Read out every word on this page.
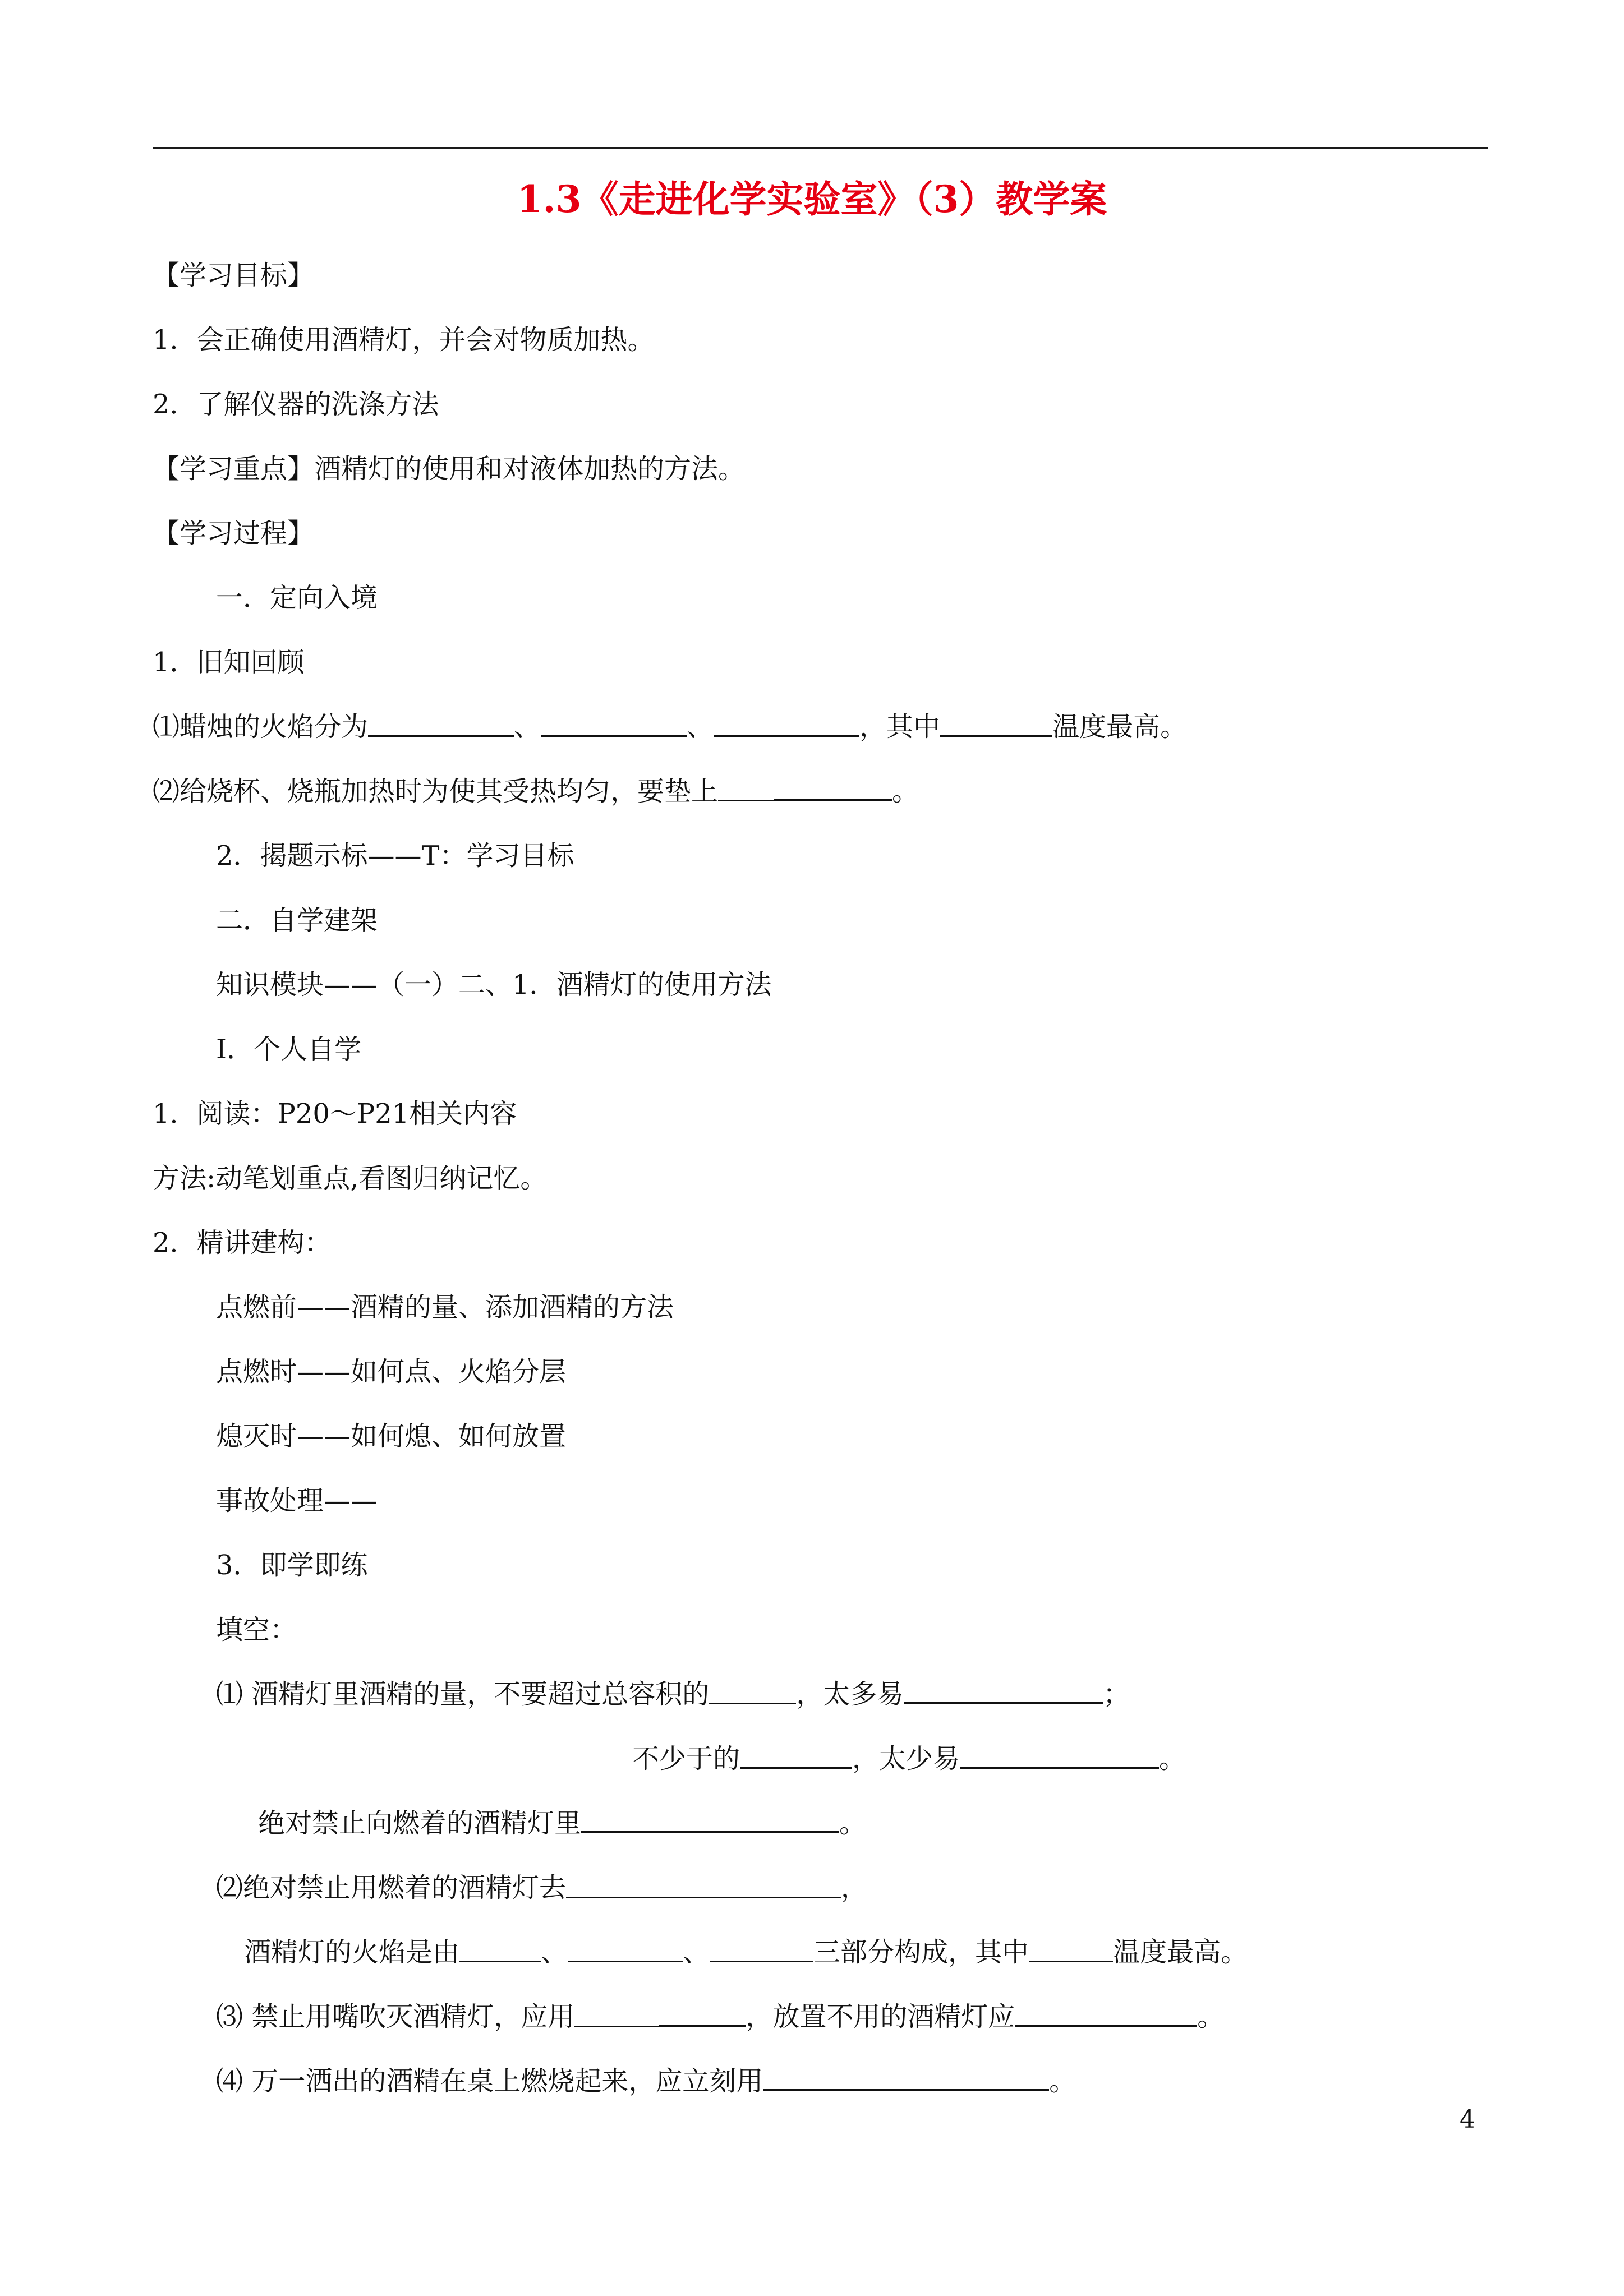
1.3《走进化学实验室》（3）教学案
【学习目标】
1．会正确使用酒精灯，并会对物质加热。
2．了解仪器的洗涤方法
【学习重点】酒精灯的使用和对液体加热的方法。
【学习过程】
一．定向入境
1．旧知回顾
⑴蜡烛的火焰分为	、	、	，其中	温度最高。
⑵给烧杯、烧瓶加热时为使其受热均匀，要垫上	。
2．揭题示标——T：学习目标
二．自学建架
知识模块——（一）二、1．酒精灯的使用方法
Ⅰ．个人自学
1．阅读：P20～P21相关内容
方法:动笔划重点,看图归纳记忆。
2．精讲建构：
点燃前——酒精的量、添加酒精的方法
点燃时——如何点、火焰分层
熄灭时——如何熄、如何放置
事故处理——
3．即学即练
填空：
⑴ 酒精灯里酒精的量，不要超过总容积的	，太多易	；
不少于的	，太少易	。
绝对禁止向燃着的酒精灯里	。
⑵绝对禁止用燃着的酒精灯去	，
酒精灯的火焰是由	、	、	三部分构成，其中	温度最高。
⑶ 禁止用嘴吹灭酒精灯，应用	，放置不用的酒精灯应	。
⑷ 万一洒出的酒精在桌上燃烧起来，应立刻用	。
4
